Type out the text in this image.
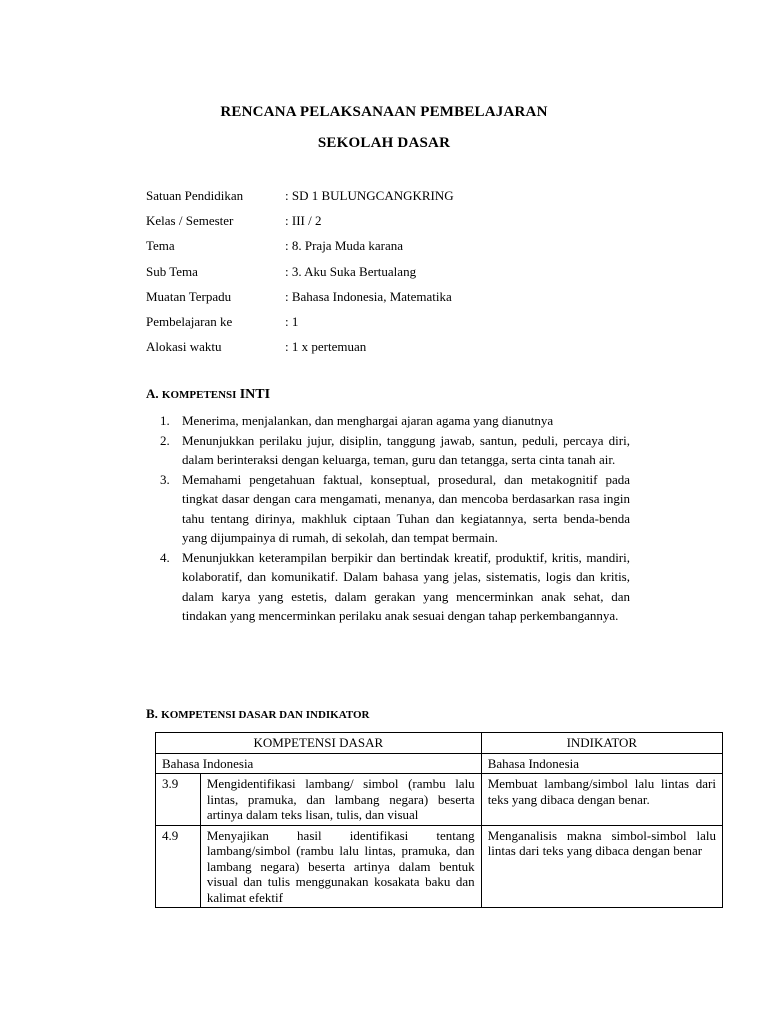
RENCANA PELAKSANAAN PEMBELAJARAN
SEKOLAH DASAR
Satuan Pendidikan	: SD 1 BULUNGCANGKRING
Kelas / Semester	: III / 2
Tema	: 8. Praja Muda karana
Sub Tema	: 3. Aku Suka Bertualang
Muatan Terpadu	: Bahasa Indonesia, Matematika
Pembelajaran ke	: 1
Alokasi waktu	: 1 x pertemuan
A. KOMPETENSI INTI
1. Menerima, menjalankan, dan menghargai ajaran agama yang dianutnya
2. Menunjukkan perilaku jujur, disiplin, tanggung jawab, santun, peduli, percaya diri, dalam berinteraksi dengan keluarga, teman, guru dan tetangga, serta cinta tanah air.
3. Memahami pengetahuan faktual, konseptual, prosedural, dan metakognitif pada tingkat dasar dengan cara mengamati, menanya, dan mencoba berdasarkan rasa ingin tahu tentang dirinya, makhluk ciptaan Tuhan dan kegiatannya, serta benda-benda yang dijumpainya di rumah, di sekolah, dan tempat bermain.
4. Menunjukkan keterampilan berpikir dan bertindak kreatif, produktif, kritis, mandiri, kolaboratif, dan komunikatif. Dalam bahasa yang jelas, sistematis, logis dan kritis, dalam karya yang estetis, dalam gerakan yang mencerminkan anak sehat, dan tindakan yang mencerminkan perilaku anak sesuai dengan tahap perkembangannya.
B. KOMPETENSI DASAR DAN INDIKATOR
KOMPETENSI DASAR		INDIKATOR
Bahasa Indonesia		Bahasa Indonesia
3.9	Mengidentifikasi lambang/ simbol (rambu lalu lintas, pramuka, dan lambang negara) beserta artinya dalam teks lisan, tulis, dan visual	Membuat lambang/simbol lalu lintas dari teks yang dibaca dengan benar.
4.9	Menyajikan hasil identifikasi tentang lambang/simbol (rambu lalu lintas, pramuka, dan lambang negara) beserta artinya dalam bentuk visual dan tulis menggunakan kosakata baku dan kalimat efektif	Menganalisis makna simbol-simbol lalu lintas dari teks yang dibaca dengan benar
